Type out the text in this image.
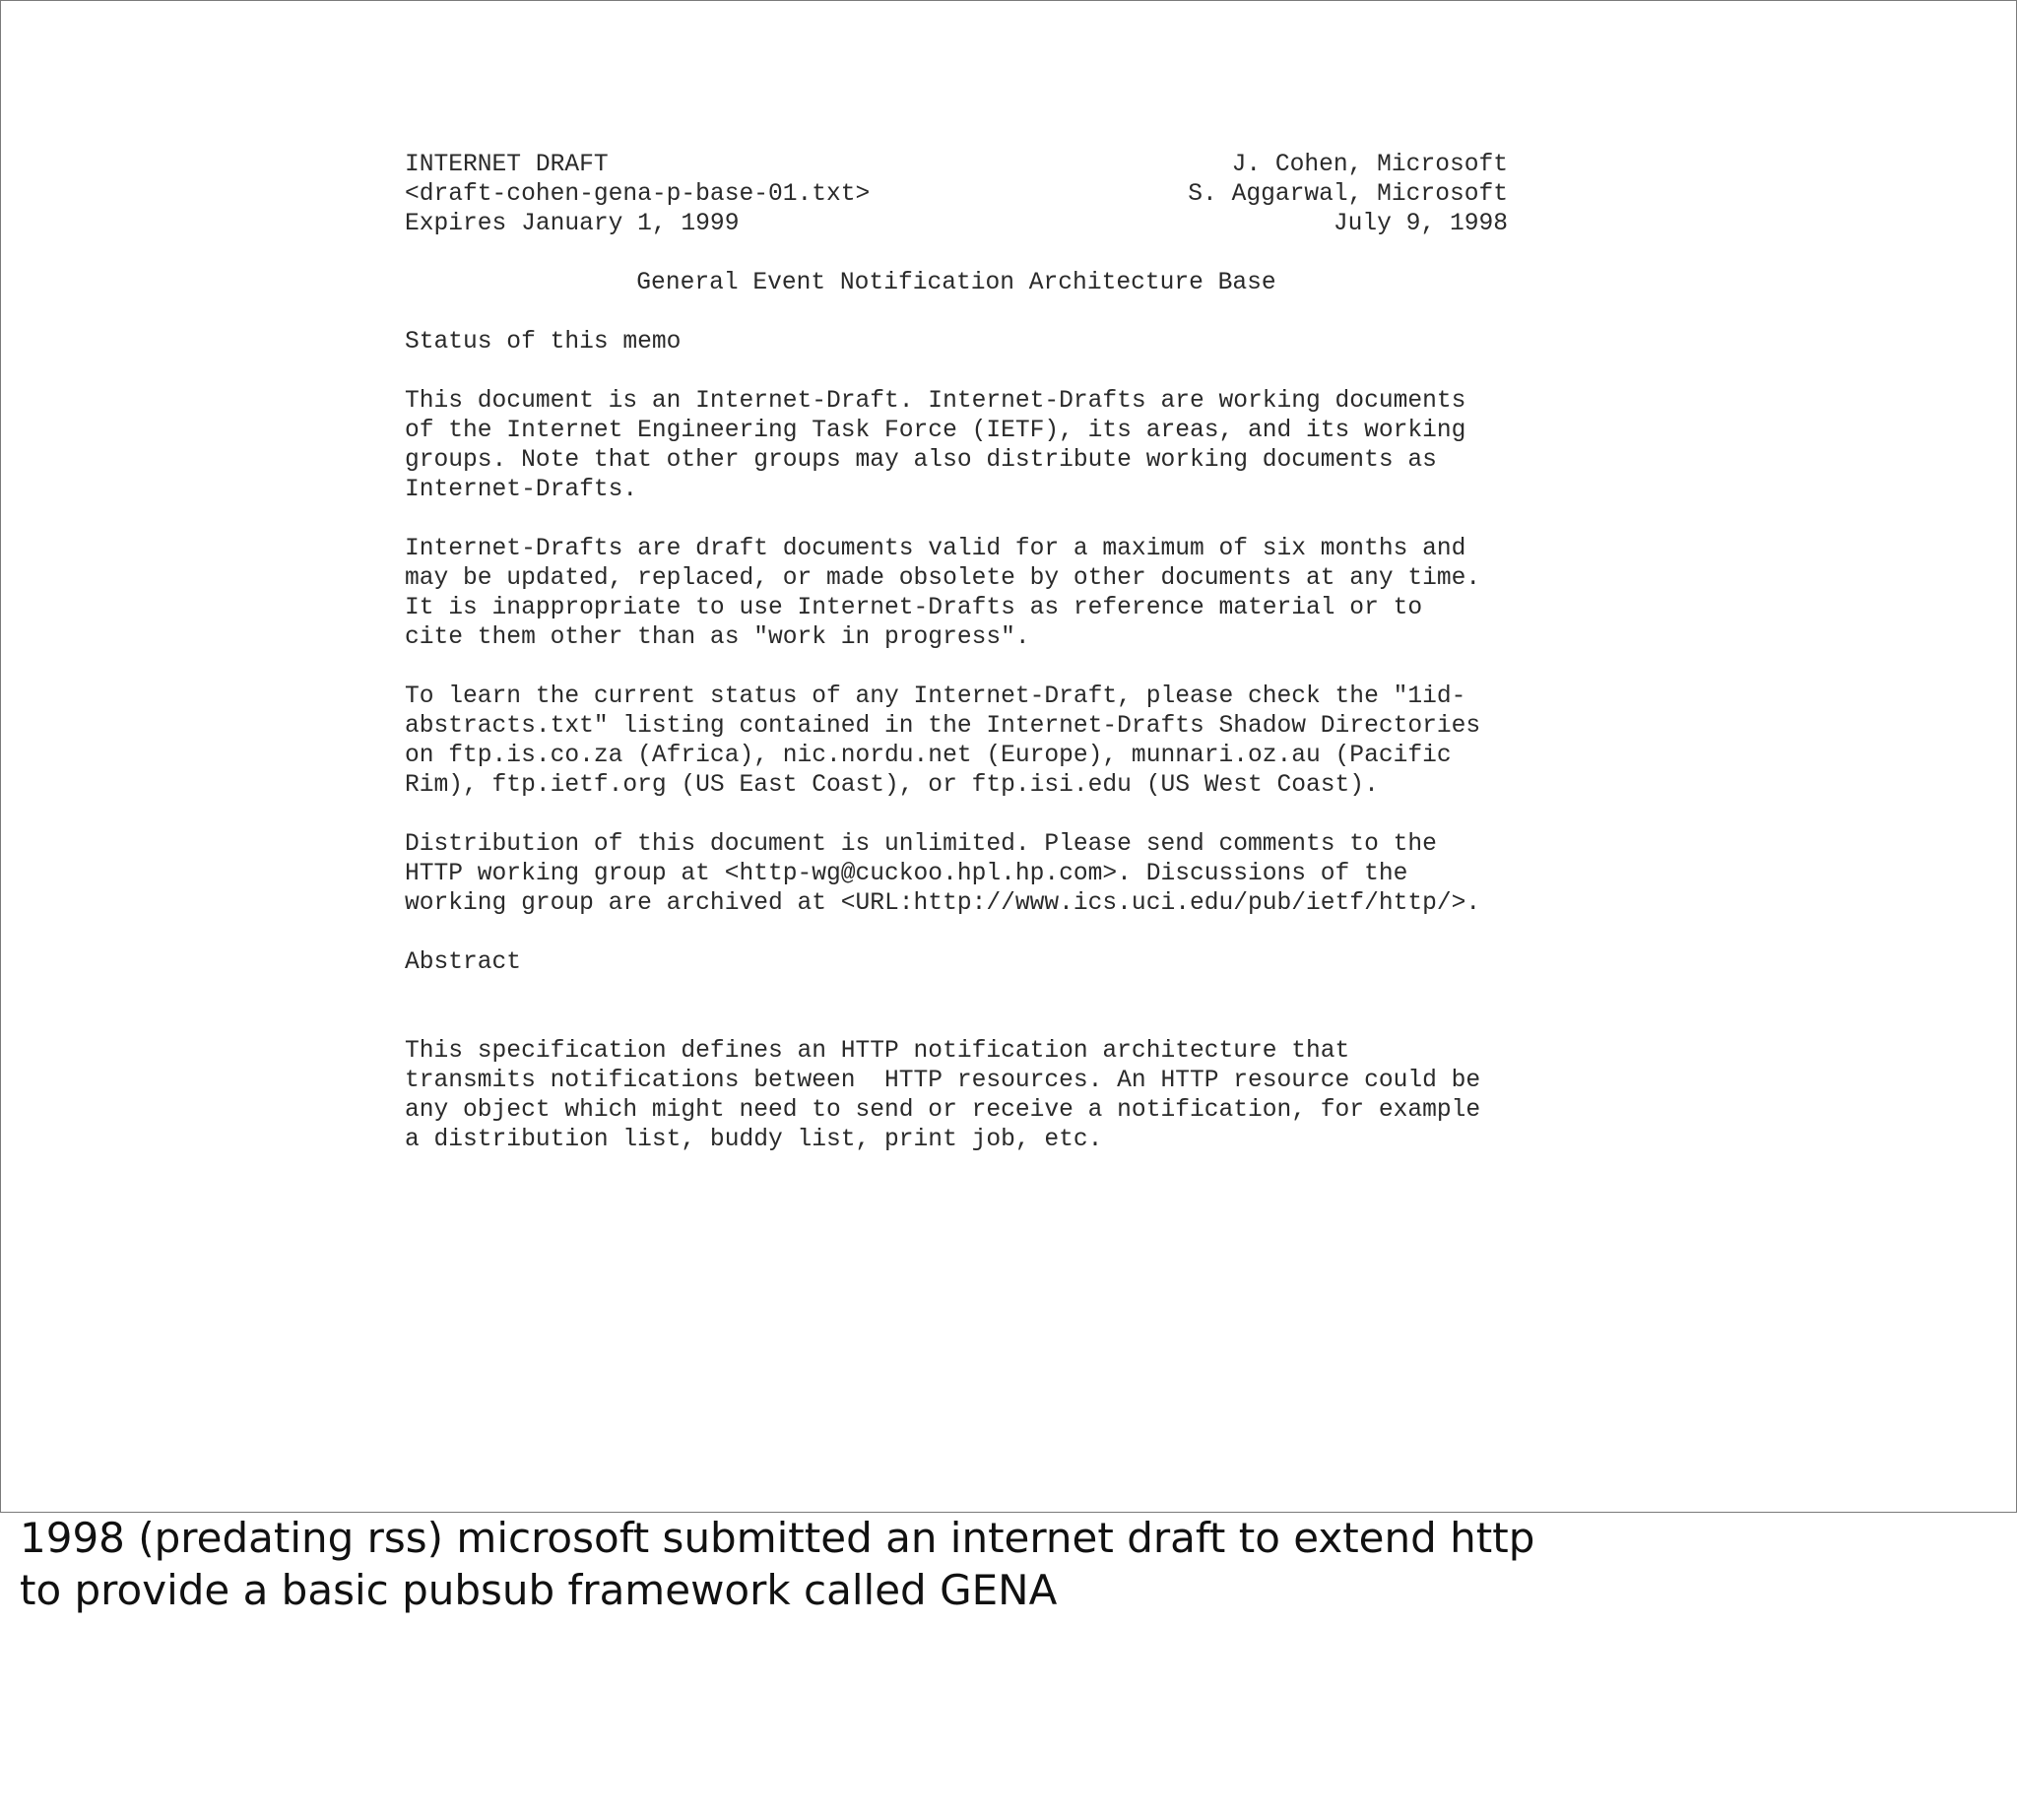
INTERNET DRAFT	J. Cohen, Microsoft
<draft-cohen-gena-p-base-01.txt>	S. Aggarwal, Microsoft
Expires January 1, 1999	July 9, 1998
General Event Notification Architecture Base
Status of this memo
This document is an Internet-Draft. Internet-Drafts are working documents
of the Internet Engineering Task Force (IETF), its areas, and its working
groups. Note that other groups may also distribute working documents as
Internet-Drafts.
Internet-Drafts are draft documents valid for a maximum of six months and
may be updated, replaced, or made obsolete by other documents at any time.
It is inappropriate to use Internet-Drafts as reference material or to
cite them other than as "work in progress".
To learn the current status of any Internet-Draft, please check the "1id-
abstracts.txt" listing contained in the Internet-Drafts Shadow Directories
on ftp.is.co.za (Africa), nic.nordu.net (Europe), munnari.oz.au (Pacific
Rim), ftp.ietf.org (US East Coast), or ftp.isi.edu (US West Coast).
Distribution of this document is unlimited. Please send comments to the
HTTP working group at <http-wg@cuckoo.hpl.hp.com>. Discussions of the
working group are archived at <URL:http://www.ics.uci.edu/pub/ietf/http/>.
Abstract
This specification defines an HTTP notification architecture that
transmits notifications between  HTTP resources. An HTTP resource could be
any object which might need to send or receive a notification, for example
a distribution list, buddy list, print job, etc.
1998 (predating rss) microsoft submitted an internet draft to extend http
to provide a basic pubsub framework called GENA
